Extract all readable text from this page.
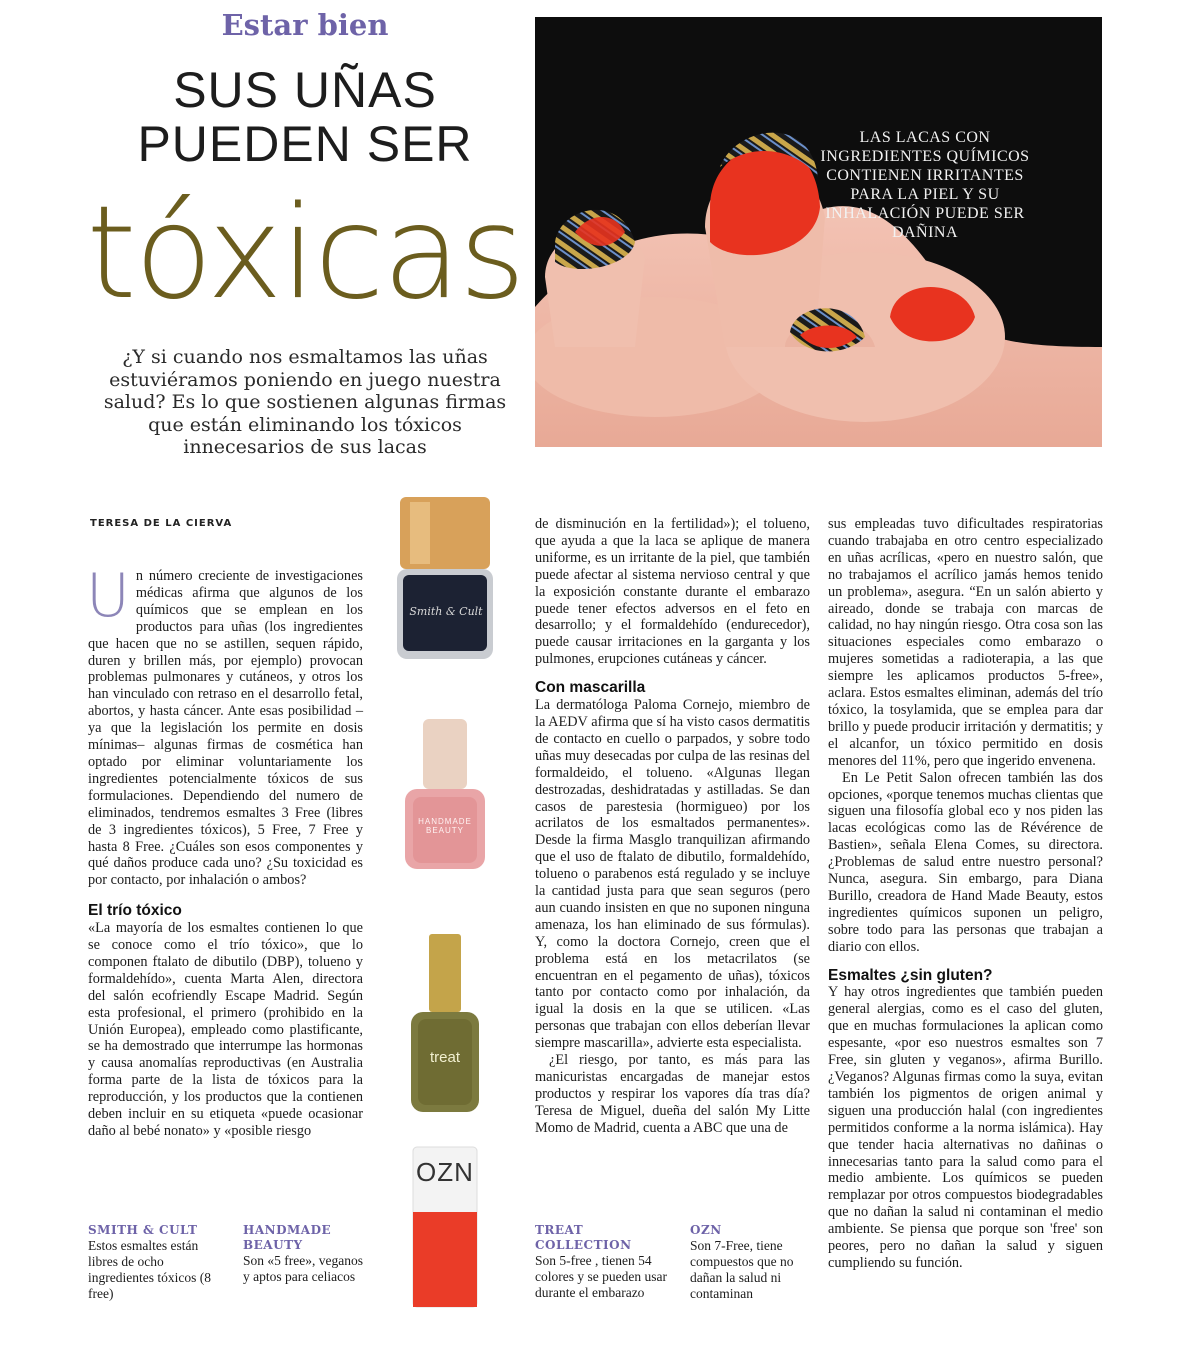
Estar bien
SUS UÑAS
PUEDEN SER
tóxicas
¿Y si cuando nos esmaltamos las uñas estuviéramos poniendo en juego nuestra salud? Es lo que sostienen algunas firmas que están eliminando los tóxicos innecesarios de sus lacas
LAS LACAS CON INGREDIENTES QUÍMICOS CONTIENEN IRRITANTES PARA LA PIEL Y SU INHALACIÓN PUEDE SER DAÑINA
TERESA DE LA CIERVA

Un número creciente de investigaciones médicas afirma que algunos de los químicos que se emplean en los productos para uñas (los ingredientes que hacen que no se astillen, sequen rápido, duren y brillen más, por ejemplo) provocan problemas pulmonares y cutáneos, y otros los han vinculado con retraso en el desarrollo fetal, abortos, y hasta cáncer. Ante esas posibilidad –ya que la legislación los permite en dosis mínimas– algunas firmas de cosmética han optado por eliminar voluntariamente los ingredientes potencialmente tóxicos de sus formulaciones. Dependiendo del numero de eliminados, tendremos esmaltes 3 Free (libres de 3 ingredientes tóxicos), 5 Free, 7 Free y hasta 8 Free. ¿Cuáles son esos componentes y qué daños produce cada uno? ¿Su toxicidad es por contacto, por inhalación o ambos?

El trío tóxico

«La mayoría de los esmaltes contienen lo que se conoce como el trío tóxico», que lo componen ftalato de dibutilo (DBP), tolueno y formaldehído», cuenta Marta Alen, directora del salón ecofriendly Escape Madrid. Según esta profesional, el primero (prohibido en la Unión Europea), empleado como plastificante, se ha demostrado que interrumpe las hormonas y causa anomalías reproductivas (en Australia forma parte de la lista de tóxicos para la reproducción, y los productos que la contienen deben incluir en su etiqueta «puede ocasionar daño al bebé nonato» y «posible riesgo

Smith & Cult
HANDMADE BEAUTY
treat
OZN

de disminución en la fertilidad»); el tolueno, que ayuda a que la laca se aplique de manera uniforme, es un irritante de la piel, que también puede afectar al sistema nervioso central y que la exposición constante durante el embarazo puede tener efectos adversos en el feto en desarrollo; y el formaldehído (endurecedor), puede causar irritaciones en la garganta y los pulmones, erupciones cutáneas y cáncer.

Con mascarilla

La dermatóloga Paloma Cornejo, miembro de la AEDV afirma que sí ha visto casos dermatitis de contacto en cuello o parpados, y sobre todo uñas muy desecadas por culpa de las resinas del formaldeido, el tolueno. «Algunas llegan destrozadas, deshidratadas y astilladas. Se dan casos de parestesia (hormigueo) por los acrilatos de los esmaltados permanentes». Desde la firma Masglo tranquilizan afirmando que el uso de ftalato de dibutilo, formaldehído, tolueno o parabenos está regulado y se incluye la cantidad justa para que sean seguros (pero aun cuando insisten en que no suponen ninguna amenaza, los han eliminado de sus fórmulas). Y, como la doctora Cornejo, creen que el problema está en los metacrilatos (se encuentran en el pegamento de uñas), tóxicos tanto por contacto como por inhalación, da igual la dosis en la que se utilicen. «Las personas que trabajan con ellos deberían llevar siempre mascarilla», advierte esta especialista.

¿El riesgo, por tanto, es más para las manicuristas encargadas de manejar estos productos y respirar los vapores día tras día? Teresa de Miguel, dueña del salón My Litte Momo de Madrid, cuenta a ABC que una de

sus empleadas tuvo dificultades respiratorias cuando trabajaba en otro centro especializado en uñas acrílicas, «pero en nuestro salón, que no trabajamos el acrílico jamás hemos tenido un problema», asegura. “En un salón abierto y aireado, donde se trabaja con marcas de calidad, no hay ningún riesgo. Otra cosa son las situaciones especiales como embarazo o mujeres sometidas a radioterapia, a las que siempre les aplicamos productos 5-free», aclara. Estos esmaltes eliminan, además del trío tóxico, la tosylamida, que se emplea para dar brillo y puede producir irritación y dermatitis; y el alcanfor, un tóxico permitido en dosis menores del 11%, pero que ingerido envenena.

En Le Petit Salon ofrecen también las dos opciones, «porque tenemos muchas clientas que siguen una filosofía global eco y nos piden las lacas ecológicas como las de Révérence de Bastien», señala Elena Comes, su directora. ¿Problemas de salud entre nuestro personal? Nunca, asegura. Sin embargo, para Diana Burillo, creadora de Hand Made Beauty, estos ingredientes químicos suponen un peligro, sobre todo para las personas que trabajan a diario con ellos.

Esmaltes ¿sin gluten?

Y hay otros ingredientes que también pueden general alergias, como es el caso del gluten, que en muchas formulaciones la aplican como espesante, «por eso nuestros esmaltes son 7 Free, sin gluten y veganos», afirma Burillo. ¿Veganos? Algunas firmas como la suya, evitan también los pigmentos de origen animal y siguen una producción halal (con ingredientes permitidos conforme a la norma islámica). Hay que tender hacia alternativas no dañinas o innecesarias tanto para la salud como para el medio ambiente. Los químicos se pueden remplazar por otros compuestos biodegradables que no dañan la salud ni contaminan el medio ambiente. Se piensa que porque son 'free' son peores, pero no dañan la salud y siguen cumpliendo su función.

SMITH & CULT
Estos esmaltes están libres de ocho ingredientes tóxicos (8 free)
HANDMADE BEAUTY
Son «5 free», veganos y aptos para celiacos
TREAT COLLECTION
Son 5-free , tienen 54 colores y se pueden usar durante el embarazo
OZN
Son 7-Free, tiene compuestos que no dañan la salud ni contaminan
